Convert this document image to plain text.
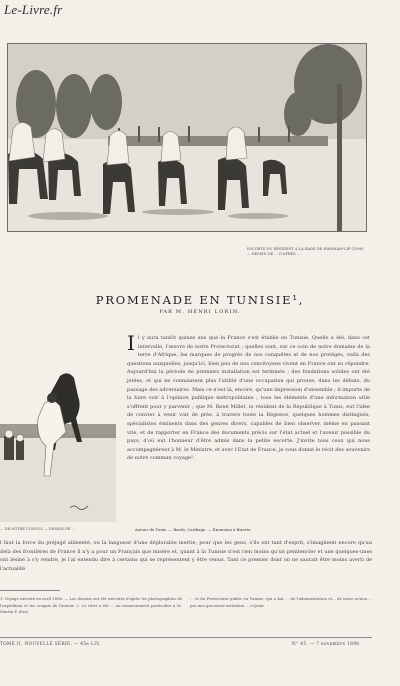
Le-Livre.fr
ESCORTE DU RÉSIDENT À LA RADE DE HAMMAM-LIF (1896) — DESSIN DE ... D'APRÈS ...
PROMENADE EN TUNISIE¹,
PAR M. HENRI LORIN.
... DE NOTRE CONVOI. — DESSIN DE ...

Il y aura tantôt quinze ans que la France s'est établie en Tunisie. Quelle a été, dans cet intervalle, l'œuvre de notre Protectorat ; quelles sont, sur ce coin de notre domaine de la terre d'Afrique, les marques de progrès de nos conquêtes et de nos protégés, voilà des questions auxquelles, jusqu'ici, bien peu de nos concitoyens vivent en France ont su répondre. Aujourd'hui la période de premiers installation est terminée ; des fondations solides ont été jetées, et qui ne connaissent plus l'utilité d'une occupation qui prouve, dans les débats, du passage des adversaires. Mais ce n'est là, encore, qu'une impression d'ensemble ; il importe de la faire voir à l'opinion publique métropolitaine ; tous les éléments d'une information utile s'offrent pour y parvenir ; que M. René Millet, le résident de la République à Tunis, eut l'idée de convier à venir voir de près, à travers toute la Régence, quelques hommes distingués, spécialistes éminents dans des genres divers, capables de bien observer, même en passant vite, et de rapporter en France des documents précis sur l'état actuel et l'avenir possible du pays, d'où eut l'honneur d'être admis dans la petite escorte. J'invite tous ceux qui nous accompagnèrent à M. le Ministre, et avec l'Etat de France, je vous donne le récit des souvenirs de notre commun voyage².

Autour de Tunis. — Bardo, Carthage. — Excursion à Bizerte.

l faut la force du préjugé alimenté, ou la langueur d'une déplorable inertie, pour que les gens, s'ils ont tant d'esprit, s'imaginent encore qu'au delà des frontières de France il n'y a pour un Français que misère et, quant à la Tunisie n'est rien moins qu'un pénitencier et une quelques-unes ont lésiné à s'y rendre, je l'ai entendu dire à certains qui se représentent y être venus. Tant ce premier dont on ne saurait être moins averti de l'actualité

1. Voyage exécuté en avril 1896. — Les dessins ont été exécutés d'après les photographies de l'expédition et les croquis de l'auteur. 2. Le récit a été ... un remerciement particulier à M. Martin F. d'art.

... et du Protectorat public en Tunisie, qui a fait ... de l'administration et... de notre action ... par une gracieuse invitation ... ci-joint.

TOME II, NOUVELLE SÉRIE. — 45e LIV.	N° 45. — 7 novembre 1896.
